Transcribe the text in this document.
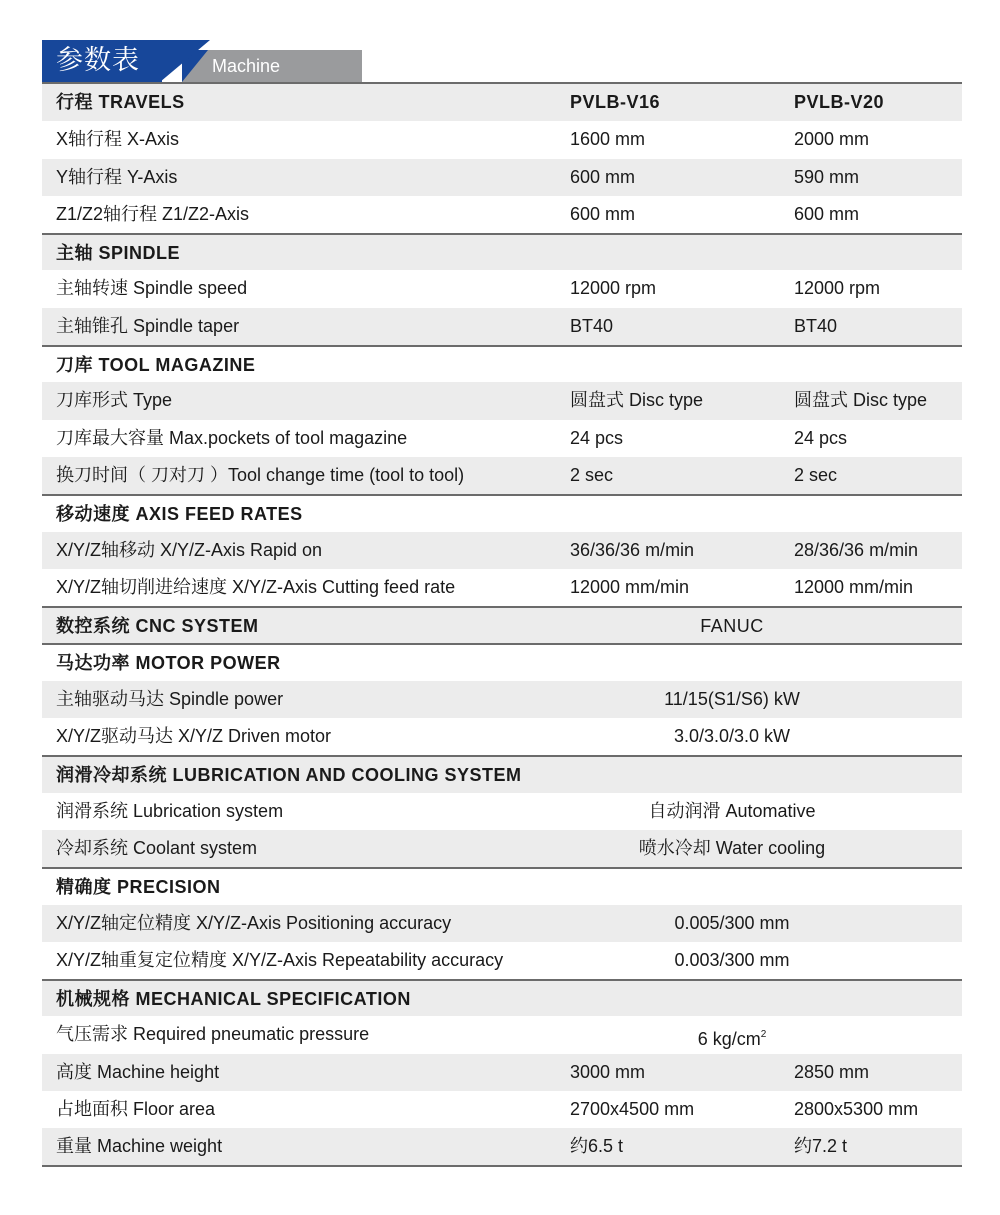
Machine
参数表
行程 TRAVELS	PVLB-V16	PVLB-V20
X轴行程 X-Axis	1600 mm	2000 mm
Y轴行程 Y-Axis	600 mm	590 mm
Z1/Z2轴行程 Z1/Z2-Axis	600 mm	600 mm
主轴 SPINDLE
主轴转速 Spindle speed	12000 rpm	12000 rpm
主轴锥孔 Spindle taper	BT40	BT40
刀库 TOOL MAGAZINE
刀库形式 Type	圆盘式 Disc type	圆盘式 Disc type
刀库最大容量 Max.pockets of tool magazine	24 pcs	24 pcs
换刀时间（ 刀对刀 ）Tool change time (tool to tool)	2 sec	2 sec
移动速度 AXIS FEED RATES
X/Y/Z轴移动 X/Y/Z-Axis Rapid on	36/36/36 m/min	28/36/36 m/min
X/Y/Z轴切削进给速度 X/Y/Z-Axis Cutting feed rate	12000 mm/min	12000 mm/min
数控系统 CNC SYSTEM	FANUC
马达功率 MOTOR POWER
主轴驱动马达 Spindle power	11/15(S1/S6) kW
X/Y/Z驱动马达 X/Y/Z Driven motor	3.0/3.0/3.0 kW
润滑冷却系统 LUBRICATION AND COOLING SYSTEM
润滑系统 Lubrication system	自动润滑 Automative
冷却系统 Coolant system	喷水冷却 Water cooling
精确度 PRECISION
X/Y/Z轴定位精度 X/Y/Z-Axis Positioning accuracy	0.005/300 mm
X/Y/Z轴重复定位精度 X/Y/Z-Axis Repeatability accuracy	0.003/300 mm
机械规格 MECHANICAL SPECIFICATION
气压需求 Required pneumatic pressure	6 $kg/cm^2$
高度 Machine height	3000 mm	2850 mm
占地面积 Floor area	2700x4500 mm	2800x5300 mm
重量 Machine weight	约6.5 t	约7.2 t
